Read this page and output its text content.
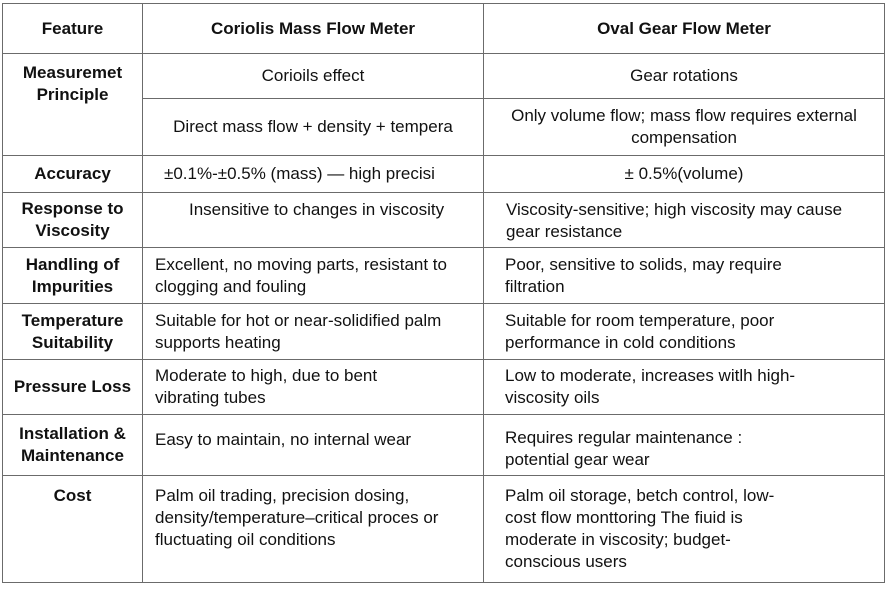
Feature	Coriolis Mass Flow Meter	Oval Gear Flow Meter
Measuremet Principle	Corioils effect	Gear rotations
	Direct mass flow + density + tempera	Only volume flow; mass flow requires external compensation
Accuracy	±0.1%-±0.5% (mass) — high precisi	± 0.5%(volume)
Response to Viscosity	Insensitive to changes in viscosity	Viscosity-sensitive; high viscosity may cause gear resistance
Handling of Impurities	Excellent, no moving parts, resistant to clogging and fouling	Poor, sensitive to solids, may require filtration
Temperature Suitability	Suitable for hot or near-solidified palm supports heating	Suitable for room temperature, poor performance in cold conditions
Pressure Loss	Moderate to high, due to bent vibrating tubes	Low to moderate, increases witlh high-viscosity oils
Installation & Maintenance	Easy to maintain, no internal wear	Requires regular maintenance : potential gear wear
Cost	Palm oil trading, precision dosing, density/temperature–critical proces or fluctuating oil conditions	Palm oil storage, betch control, low-cost flow monttoring The fiuid is moderate in viscosity; budget-conscious users
